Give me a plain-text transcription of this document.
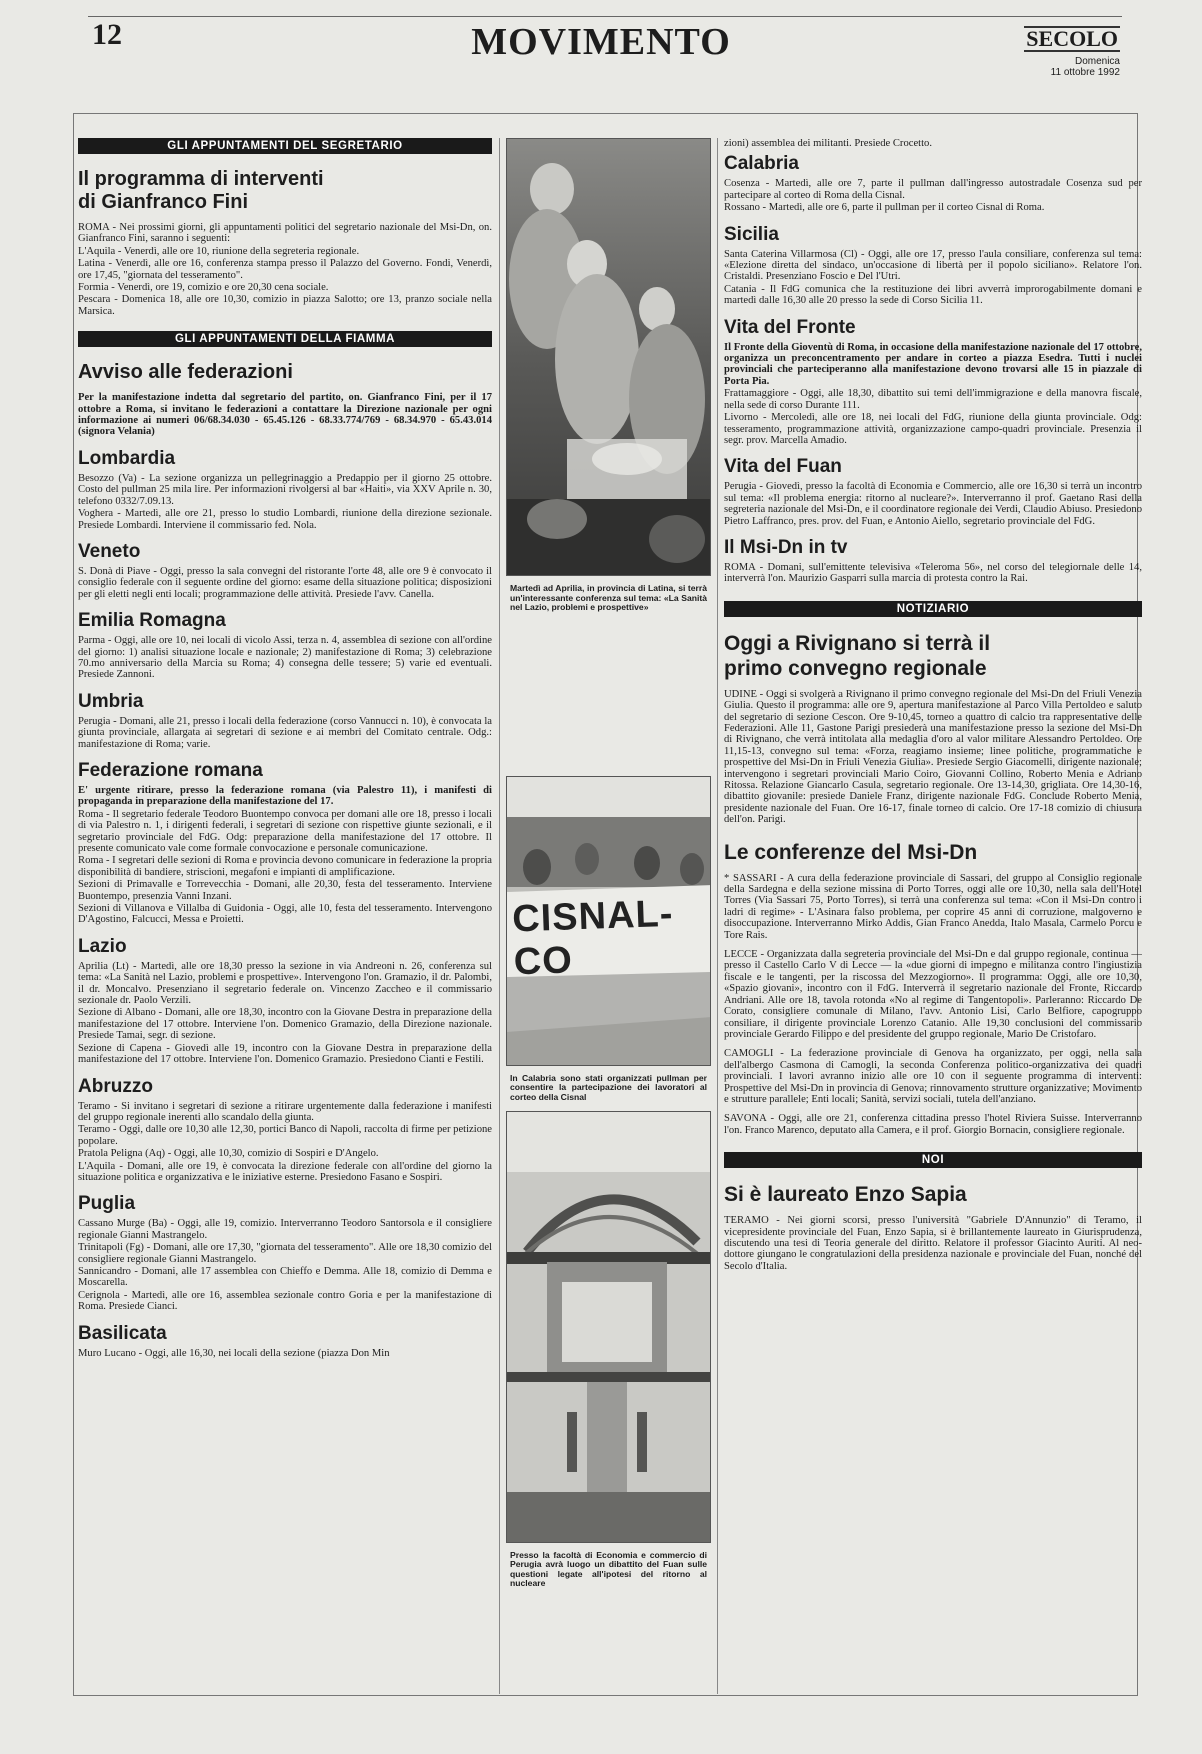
12	MOVIMENTO	SECOLO
Domenica
11 ottobre 1992
GLI APPUNTAMENTI DEL SEGRETARIO
Il programma di interventi di Gianfranco Fini

ROMA - Nei prossimi giorni, gli appuntamenti politici del segretario nazionale del Msi-Dn, on. Gianfranco Fini, saranno i seguenti:

L'Aquila - Venerdì, alle ore 10, riunione della segreteria regionale.

Latina - Venerdì, alle ore 16, conferenza stampa presso il Palazzo del Governo. Fondi, Venerdì, ore 17,45, "giornata del tesseramento".

Formia - Venerdì, ore 19, comizio e ore 20,30 cena sociale.

Pescara - Domenica 18, alle ore 10,30, comizio in piazza Salotto; ore 13, pranzo sociale nella Marsica.

GLI APPUNTAMENTI DELLA FIAMMA
Avviso alle federazioni

Per la manifestazione indetta dal segretario del partito, on. Gianfranco Fini, per il 17 ottobre a Roma, si invitano le federazioni a contattare la Direzione nazionale per ogni informazione ai numeri 06/68.34.030 - 65.45.126 - 68.33.774/769 - 68.34.970 - 65.43.014 (signora Velania)

Lombardia

Besozzo (Va) - La sezione organizza un pellegrinaggio a Predappio per il giorno 25 ottobre. Costo del pullman 25 mila lire. Per informazioni rivolgersi al bar «Haiti», via XXV Aprile n. 30, telefono 0332/7.09.13.

Voghera - Martedì, alle ore 21, presso lo studio Lombardi, riunione della direzione sezionale. Presiede Lombardi. Interviene il commissario fed. Nola.

Veneto

S. Donà di Piave - Oggi, presso la sala convegni del ristorante l'orte 48, alle ore 9 è convocato il consiglio federale con il seguente ordine del giorno: esame della situazione politica; disposizioni per gli eletti negli enti locali; programmazione delle attività. Presiede l'avv. Canella.

Emilia Romagna

Parma - Oggi, alle ore 10, nei locali di vicolo Assi, terza n. 4, assemblea di sezione con all'ordine del giorno: 1) analisi situazione locale e nazionale; 2) manifestazione di Roma; 3) celebrazione 70.mo anniversario della Marcia su Roma; 4) consegna delle tessere; 5) varie ed eventuali. Presiede Zannoni.

Umbria

Perugia - Domani, alle 21, presso i locali della federazione (corso Vannucci n. 10), è convocata la giunta provinciale, allargata ai segretari di sezione e ai membri del Comitato centrale. Odg.: manifestazione di Roma; varie.

Federazione romana

E' urgente ritirare, presso la federazione romana (via Palestro 11), i manifesti di propaganda in preparazione della manifestazione del 17.

Roma - Il segretario federale Teodoro Buontempo convoca per domani alle ore 18, presso i locali di via Palestro n. 1, i dirigenti federali, i segretari di sezione con rispettive giunte sezionali, e il segretario provinciale del FdG. Odg: preparazione della manifestazione del 17 ottobre. Il presente comunicato vale come formale convocazione e personale comunicazione.

Roma - I segretari delle sezioni di Roma e provincia devono comunicare in federazione la propria disponibilità di bandiere, striscioni, megafoni e impianti di amplificazione.

Sezioni di Primavalle e Torrevecchia - Domani, alle 20,30, festa del tesseramento. Interviene Buontempo, presenzia Vanni Inzani.

Sezioni di Villanova e Villalba di Guidonia - Oggi, alle 10, festa del tesseramento. Intervengono D'Agostino, Falcucci, Messa e Proietti.

Lazio

Aprilia (Lt) - Martedì, alle ore 18,30 presso la sezione in via Andreoni n. 26, conferenza sul tema: «La Sanità nel Lazio, problemi e prospettive». Intervengono l'on. Gramazio, il dr. Palombi, il dr. Moncalvo. Presenziano il segretario federale on. Vincenzo Zaccheo e il commissario sezionale dr. Paolo Verzili.

Sezione di Albano - Domani, alle ore 18,30, incontro con la Giovane Destra in preparazione della manifestazione del 17 ottobre. Interviene l'on. Domenico Gramazio, della Direzione nazionale. Presiede Tamai, segr. di sezione.

Sezione di Capena - Giovedì alle 19, incontro con la Giovane Destra in preparazione della manifestazione del 17 ottobre. Interviene l'on. Domenico Gramazio. Presiedono Cianti e Festili.

Abruzzo

Teramo - Si invitano i segretari di sezione a ritirare urgentemente dalla federazione i manifesti del gruppo regionale inerenti allo scandalo della giunta.

Teramo - Oggi, dalle ore 10,30 alle 12,30, portici Banco di Napoli, raccolta di firme per petizione popolare.

Pratola Peligna (Aq) - Oggi, alle 10,30, comizio di Sospiri e D'Angelo.

L'Aquila - Domani, alle ore 19, è convocata la direzione federale con all'ordine del giorno la situazione politica e organizzativa e le iniziative esterne. Presiedono Fasano e Sospiri.

Puglia

Cassano Murge (Ba) - Oggi, alle 19, comizio. Interverranno Teodoro Santorsola e il consigliere regionale Gianni Mastrangelo.

Trinitapoli (Fg) - Domani, alle ore 17,30, "giornata del tesseramento". Alle ore 18,30 comizio del consigliere regionale Gianni Mastrangelo.

Sannicandro - Domani, alle 17 assemblea con Chieffo e Demma. Alle 18, comizio di Demma e Moscarella.

Cerignola - Martedì, alle ore 16, assemblea sezionale contro Goria e per la manifestazione di Roma. Presiede Cianci.

Basilicata

Muro Lucano - Oggi, alle 16,30, nei locali della sezione (piazza Don Min

Martedì ad Aprilia, in provincia di Latina, si terrà un'interessante conferenza sul tema: «La Sanità nel Lazio, problemi e prospettive»

CISNAL-CO

In Calabria sono stati organizzati pullman per consentire la partecipazione dei lavoratori al corteo della Cisnal

Presso la facoltà di Economia e commercio di Perugia avrà luogo un dibattito del Fuan sulle questioni legate all'ipotesi del ritorno al nucleare

zioni) assemblea dei militanti. Presiede Crocetto.

Calabria

Cosenza - Martedì, alle ore 7, parte il pullman dall'ingresso autostradale Cosenza sud per partecipare al corteo di Roma della Cisnal.

Rossano - Martedì, alle ore 6, parte il pullman per il corteo Cisnal di Roma.

Sicilia

Santa Caterina Villarmosa (Cl) - Oggi, alle ore 17, presso l'aula consiliare, conferenza sul tema: «Elezione diretta del sindaco, un'occasione di libertà per il popolo siciliano». Relatore l'on. Cristaldi. Presenziano Foscio e Del l'Utri.

Catania - Il FdG comunica che la restituzione dei libri avverrà improrogabilmente domani e martedì dalle 16,30 alle 20 presso la sede di Corso Sicilia 11.

Vita del Fronte

Il Fronte della Gioventù di Roma, in occasione della manifestazione nazionale del 17 ottobre, organizza un preconcentramento per andare in corteo a piazza Esedra. Tutti i nuclei provinciali che parteciperanno alla manifestazione devono trovarsi alle 15 in piazzale di Porta Pia.

Frattamaggiore - Oggi, alle 18,30, dibattito sui temi dell'immigrazione e della manovra fiscale, nella sede di corso Durante 111.

Livorno - Mercoledì, alle ore 18, nei locali del FdG, riunione della giunta provinciale. Odg: tesseramento, programmazione attività, organizzazione campo-quadri provinciale. Presenzia il segr. prov. Marcella Amadio.

Vita del Fuan

Perugia - Giovedì, presso la facoltà di Economia e Commercio, alle ore 16,30 si terrà un incontro sul tema: «Il problema energia: ritorno al nucleare?». Interverranno il prof. Gaetano Rasi della segreteria nazionale del Msi-Dn, e il coordinatore regionale dei Verdi, Claudio Abiuso. Presiedono Pietro Laffranco, pres. prov. del Fuan, e Antonio Aiello, segretario provinciale del FdG.

Il Msi-Dn in tv

ROMA - Domani, sull'emittente televisiva «Teleroma 56», nel corso del telegiornale delle 14, interverrà l'on. Maurizio Gasparri sulla marcia di protesta contro la Rai.

NOTIZIARIO
Oggi a Rivignano si terrà il primo convegno regionale

UDINE - Oggi si svolgerà a Rivignano il primo convegno regionale del Msi-Dn del Friuli Venezia Giulia. Questo il programma: alle ore 9, apertura manifestazione al Parco Villa Pertoldeo e saluto del segretario di sezione Cescon. Ore 9-10,45, torneo a quattro di calcio tra rappresentative delle Federazioni. Alle 11, Gastone Parigi presiederà una manifestazione presso la sezione del Msi-Dn di Rivignano, che verrà intitolata alla medaglia d'oro al valor militare Alessandro Pertoldeo. Ore 11,15-13, convegno sul tema: «Forza, reagiamo insieme; linee politiche, programmatiche e prospettive del Msi-Dn in Friuli Venezia Giulia». Presiede Sergio Giacomelli, dirigente nazionale; intervengono i segretari provinciali Mario Coiro, Giovanni Collino, Roberto Menia e Adriano Ritossa. Relazione Giancarlo Casula, segretario regionale. Ore 13-14,30, grigliata. Ore 14,30-16, dibattito giovanile: presiede Daniele Franz, dirigente nazionale FdG. Conclude Roberto Menia, presidente nazionale del Fuan. Ore 16-17, finale torneo di calcio. Ore 17-18 comizio di chiusura dell'on. Parigi.

Le conferenze del Msi-Dn

* SASSARI - A cura della federazione provinciale di Sassari, del gruppo al Consiglio regionale della Sardegna e della sezione missina di Porto Torres, oggi alle ore 10,30, nella sala dell'Hotel Torres (Via Sassari 75, Porto Torres), si terrà una conferenza sul tema: «Con il Msi-Dn contro i ladri di regime» - L'Asinara falso problema, per coprire 45 anni di corruzione, malgoverno e disoccupazione. Interverranno Mirko Addis, Gian Franco Anedda, Italo Masala, Carmelo Porcu e Tore Rais.

LECCE - Organizzata dalla segreteria provinciale del Msi-Dn e dal gruppo regionale, continua — presso il Castello Carlo V di Lecce — la «due giorni di impegno e militanza contro l'ingiustizia fiscale e le tangenti, per la riscossa del Mezzogiorno». Il programma: Oggi, alle ore 10,30, «Spazio giovani», incontro con il FdG. Interverrà il segretario nazionale del Fronte, Riccardo Andriani. Alle ore 18, tavola rotonda «No al regime di Tangentopoli». Parleranno: Riccardo De Corato, consigliere comunale di Milano, l'avv. Antonio Lisi, Carlo Belfiore, capogruppo consiliare, il dirigente provinciale Lorenzo Catanio. Alle 19,30 conclusioni del commissario provinciale Gerardo Filippo e del presidente del gruppo regionale, Mario De Cristofaro.

CAMOGLI - La federazione provinciale di Genova ha organizzato, per oggi, nella sala dell'albergo Casmona di Camogli, la seconda Conferenza politico-organizzativa dei quadri provinciali. I lavori avranno inizio alle ore 10 con il seguente programma di interventi: Prospettive del Msi-Dn in provincia di Genova; rinnovamento strutture organizzative; Movimento e strutture parallele; Enti locali; Sanità, servizi sociali, tutela dell'anziano.

SAVONA - Oggi, alle ore 21, conferenza cittadina presso l'hotel Riviera Suisse. Interverranno l'on. Franco Marenco, deputato alla Camera, e il prof. Giorgio Bornacin, consigliere regionale.

NOI
Si è laureato Enzo Sapia

TERAMO - Nei giorni scorsi, presso l'università "Gabriele D'Annunzio" di Teramo, il vicepresidente provinciale del Fuan, Enzo Sapia, si è brillantemente laureato in Giurisprudenza, discutendo una tesi di Teoria generale del diritto. Relatore il professor Giacinto Auriti. Al neo-dottore giungano le congratulazioni della presidenza nazionale e provinciale del Fuan, nonché del Secolo d'Italia.
